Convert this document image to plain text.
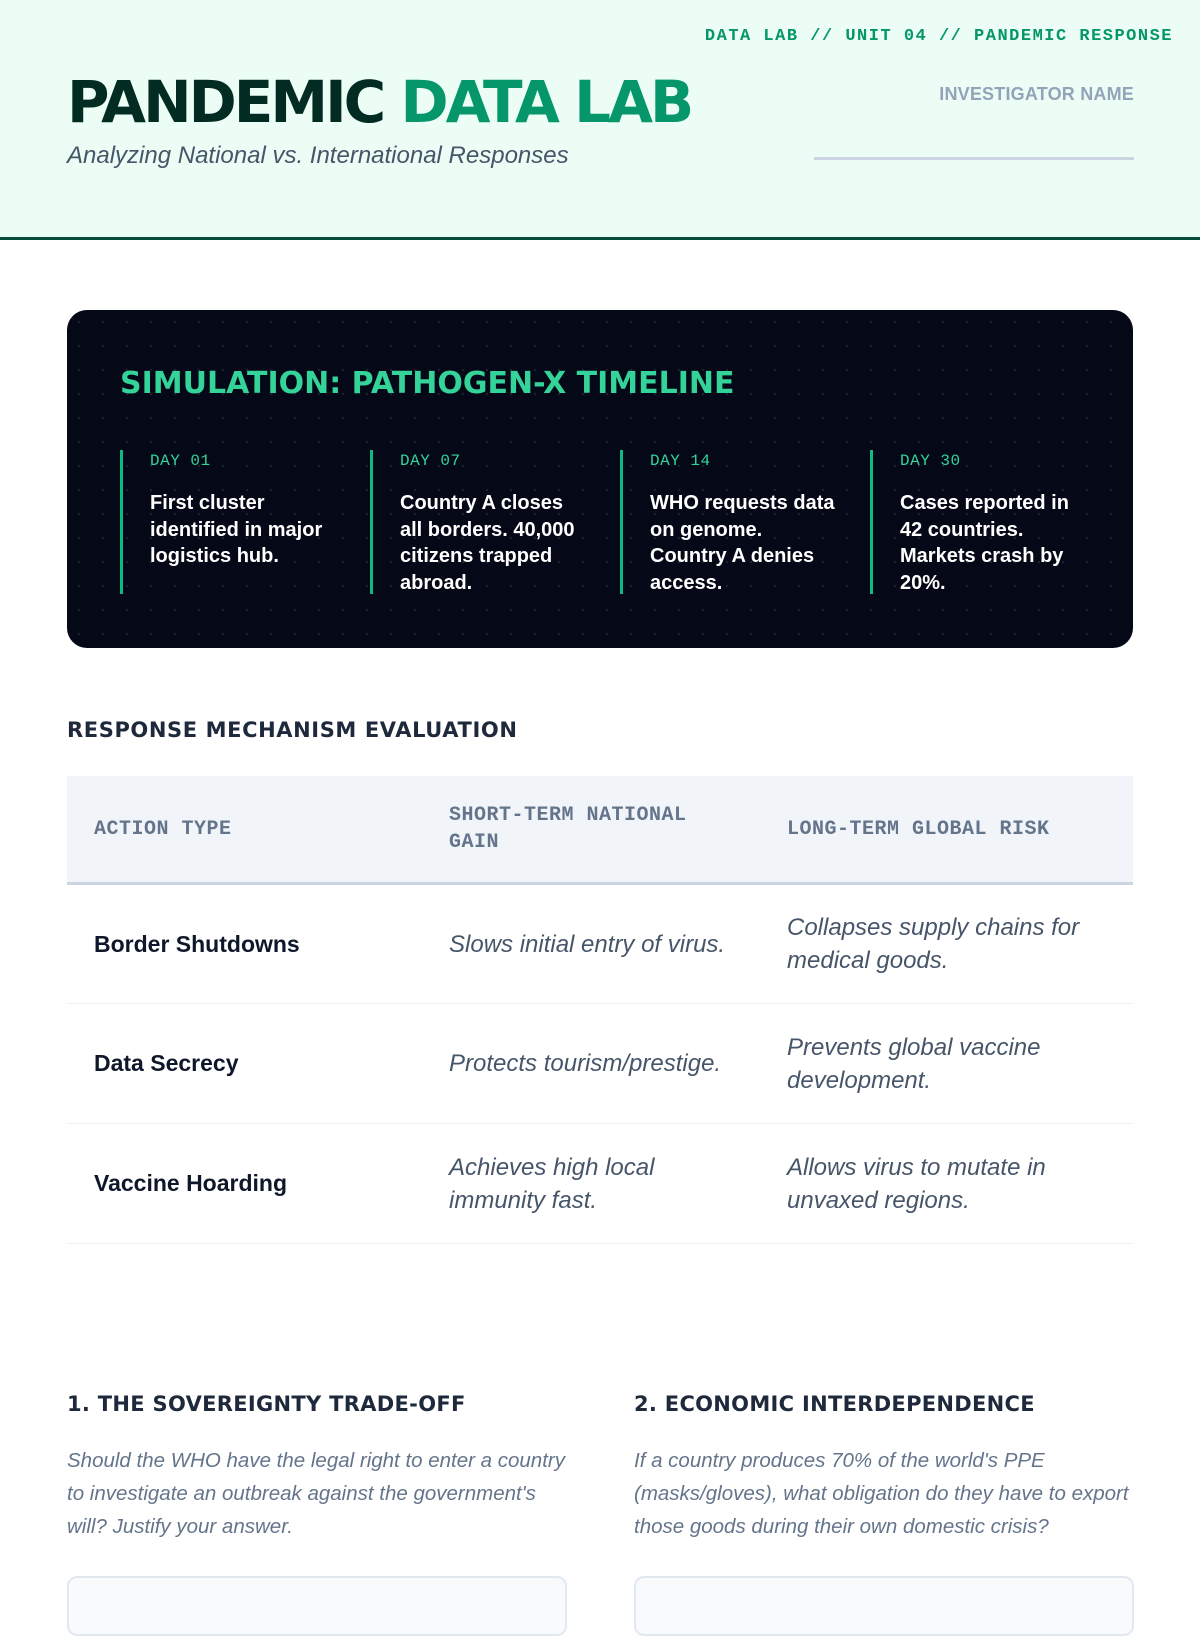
DATA LAB // UNIT 04 // PANDEMIC RESPONSE
PANDEMIC DATA LAB
Analyzing National vs. International Responses
INVESTIGATOR NAME
SIMULATION: PATHOGEN-X TIMELINE
DAY 01
First cluster identified in major logistics hub.
DAY 07
Country A closes all borders. 40,000 citizens trapped abroad.
DAY 14
WHO requests data on genome. Country A denies access.
DAY 30
Cases reported in 42 countries. Markets crash by 20%.
RESPONSE MECHANISM EVALUATION
ACTION TYPE	SHORT-TERM NATIONAL GAIN	LONG-TERM GLOBAL RISK
Border Shutdowns	Slows initial entry of virus.	Collapses supply chains for medical goods.
Data Secrecy	Protects tourism/prestige.	Prevents global vaccine development.
Vaccine Hoarding	Achieves high local immunity fast.	Allows virus to mutate in unvaxed regions.
1. THE SOVEREIGNTY TRADE-OFF

Should the WHO have the legal right to enter a country to investigate an outbreak against the government's will? Justify your answer.

2. ECONOMIC INTERDEPENDENCE

If a country produces 70% of the world's PPE (masks/gloves), what obligation do they have to export those goods during their own domestic crisis?
